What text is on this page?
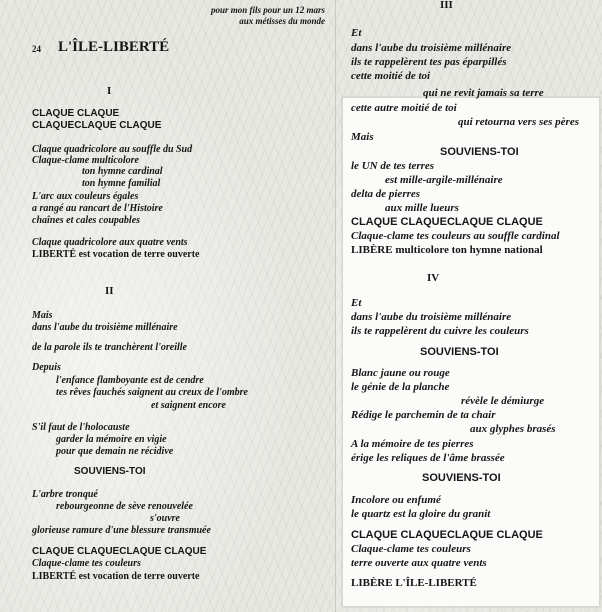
pour mon fils pour un 12 mars

aux métisses du monde

24 L'ÎLE-LIBERTÉ

I

CLAQUE CLAQUE

CLAQUECLAQUE CLAQUE

Claque quadricolore au souffle du Sud

Claque-clame multicolore

ton hymne cardinal

ton hymne familial

L'arc aux couleurs égales

a rangé au rancart de l'Histoire

chaînes et cales coupables

Claque quadricolore aux quatre vents

LIBERTÉ est vocation de terre ouverte

II

Mais

dans l'aube du troisième millénaire

de la parole ils te tranchèrent l'oreille

Depuis

l'enfance flamboyante est de cendre

tes rêves fauchés saignent au creux de l'ombre

et saignent encore

S'il faut de l'holocauste

garder la mémoire en vigie

pour que demain ne récidive

SOUVIENS-TOI

L'arbre tronqué

rebourgeonne de sève renouvelée

s'ouvre

glorieuse ramure d'une blessure transmuée

CLAQUE CLAQUECLAQUE CLAQUE

Claque-clame tes couleurs

LIBERTÉ est vocation de terre ouverte

III

Et

dans l'aube du troisième millénaire

ils te rappelèrent tes pas éparpillés

cette moitié de toi

qui ne revit jamais sa terre

cette autre moitié de toi

qui retourna vers ses pères

Mais

SOUVIENS-TOI

le UN de tes terres

est mille-argile-millénaire

delta de pierres

aux mille lueurs

CLAQUE CLAQUECLAQUE CLAQUE

Claque-clame tes couleurs au souffle cardinal

LIBÈRE multicolore ton hymne national

IV

Et

dans l'aube du troisième millénaire

ils te rappelèrent du cuivre les couleurs

SOUVIENS-TOI

Blanc jaune ou rouge

le génie de la planche

révèle le démiurge

Rédige le parchemin de ta chair

aux glyphes brasés

A la mémoire de tes pierres

érige les reliques de l'âme brassée

SOUVIENS-TOI

Incolore ou enfumé

le quartz est la gloire du granit

CLAQUE CLAQUECLAQUE CLAQUE

Claque-clame tes couleurs

terre ouverte aux quatre vents

LIBÈRE L'ÎLE-LIBERTÉ
